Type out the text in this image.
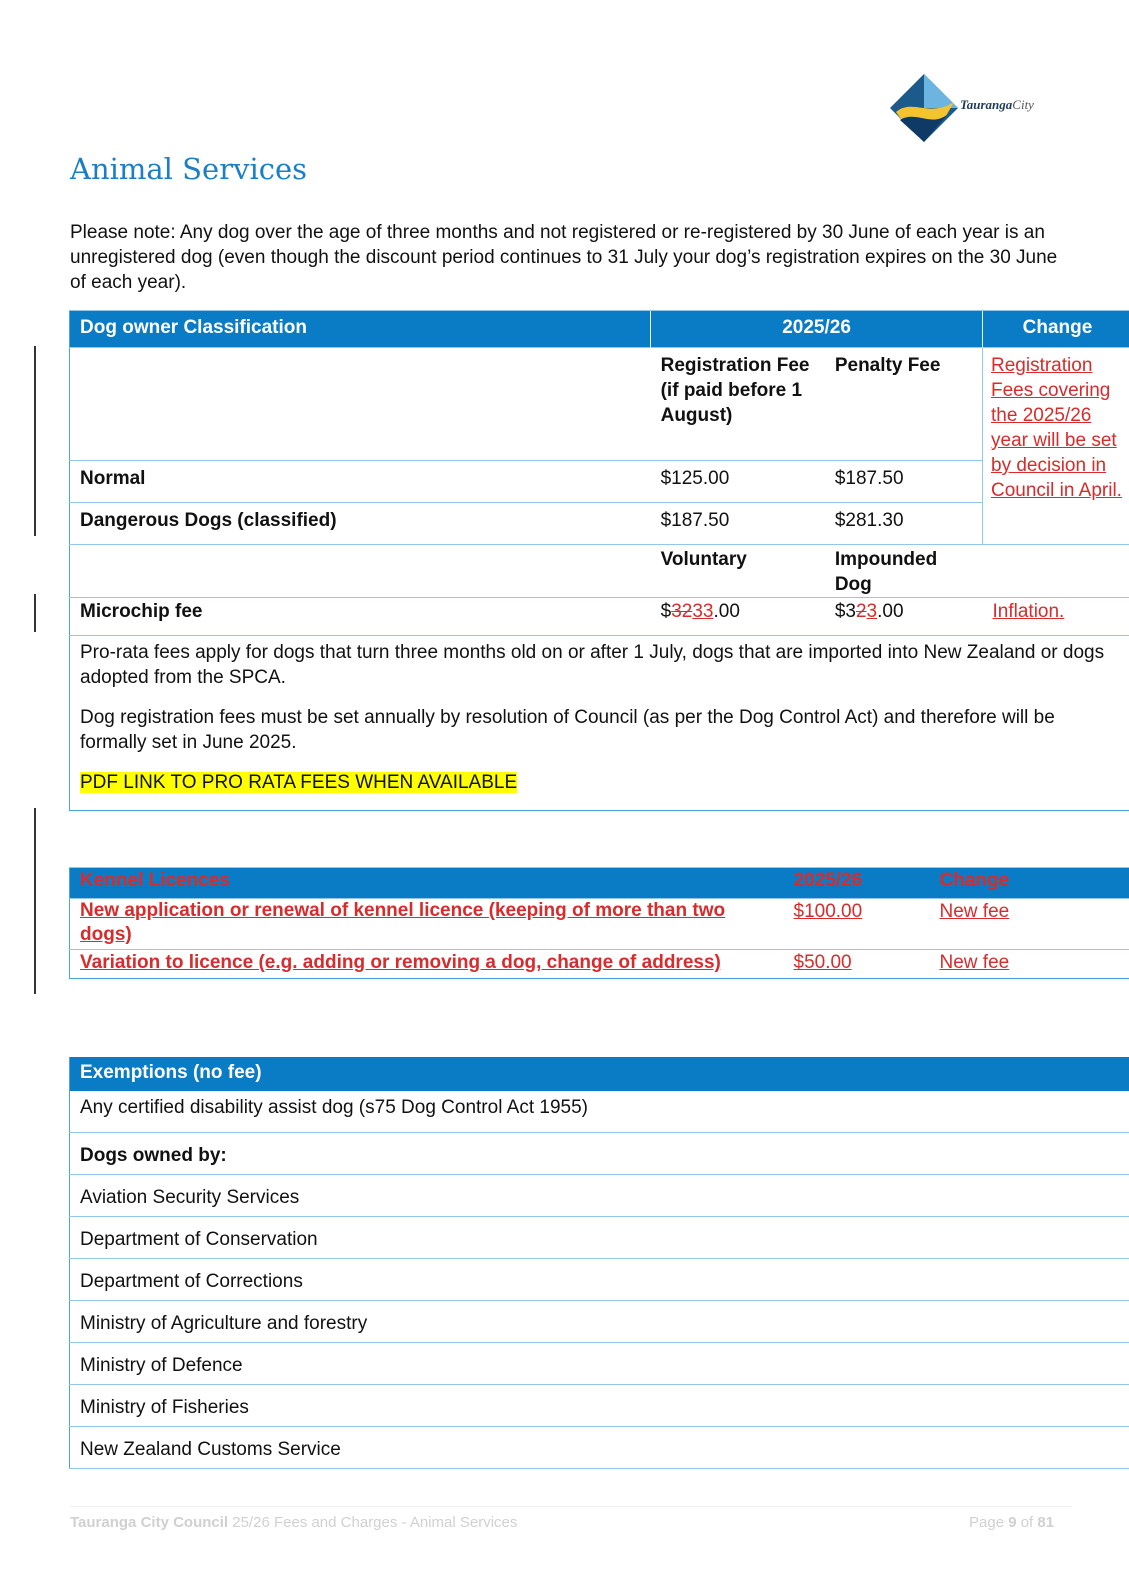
TaurangaCity
Animal Services
Please note: Any dog over the age of three months and not registered or re-registered by 30 June of each year is an unregistered dog (even though the discount period continues to 31 July your dog’s registration expires on the 30 June of each year).
Dog owner Classification	2025/26		Change
	Registration Fee (if paid before 1 August)	Penalty Fee	Registration Fees covering the 2025/26 year will be set by decision in Council in April.
Normal	$125.00	$187.50	
Dangerous Dogs (classified)	$187.50	$281.30	
	Voluntary	Impounded Dog	
Microchip fee	$3233.00	$323.00	Inflation.

Pro-rata fees apply for dogs that turn three months old on or after 1 July, dogs that are imported into New Zealand or dogs adopted from the SPCA.

Dog registration fees must be set annually by resolution of Council (as per the Dog Control Act) and therefore will be formally set in June 2025.

PDF LINK TO PRO RATA FEES WHEN AVAILABLE			

Kennel Licences	2025/26	Change
New application or renewal of kennel licence (keeping of more than two dogs)	$100.00	New fee
Variation to licence (e.g. adding or removing a dog, change of address)	$50.00	New fee
Exemptions (no fee)
Any certified disability assist dog (s75 Dog Control Act 1955)
Dogs owned by:
Aviation Security Services
Department of Conservation
Department of Corrections
Ministry of Agriculture and forestry
Ministry of Defence
Ministry of Fisheries
New Zealand Customs Service
Tauranga City Council 25/26 Fees and Charges - Animal Services	Page 9 of 81
